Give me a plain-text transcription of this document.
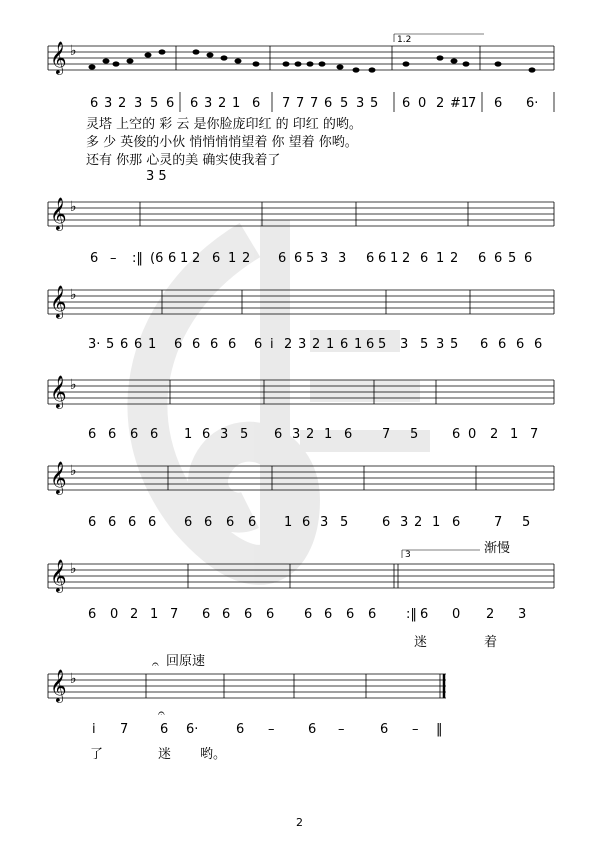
𝄞 ♭
1.2
6 3 2 3 5 6 6 3 2 1 6 7 7 7 6 5 3 5 6 0 2 #1
7 6 6·
灵塔 上空的 彩 云 是你脸庞印红 的 印红 的哟。
多 少 英俊的小伙 悄悄悄悄望着 你 望着 你哟。
还有 你那 心灵的美 确实使我着了
3 5
𝄞 ♭
6 – :‖ (6 6 1 2 6 1 2 6 6 5 3 3 6 6 1 2 6 1 2 6 6 5 6
𝄞 ♭
3· 5 6 6 1 6 6 6 6 6 i 2 3 2 1 6 1 6 5 3 5 3 5 6 6 6 6
𝄞 ♭
6 6 6 6 1 6 3 5 6 3 2 1 6 7 5	6 0 2 1 7
𝄞 ♭
6 6 6 6 6 6 6 6 1 6 3 5	6 3 2 1 6	7 5
𝄞 ♭
3	渐慢
6 0 2 1 7 6 6 6 6 6 6 6 6 :‖ 6 0 2 3
迷	着
𝄞 ♭
𝄐 回原速
i 7 6 6·	6 –	6 –	6 – ‖
𝄐
了	迷 哟。
2
